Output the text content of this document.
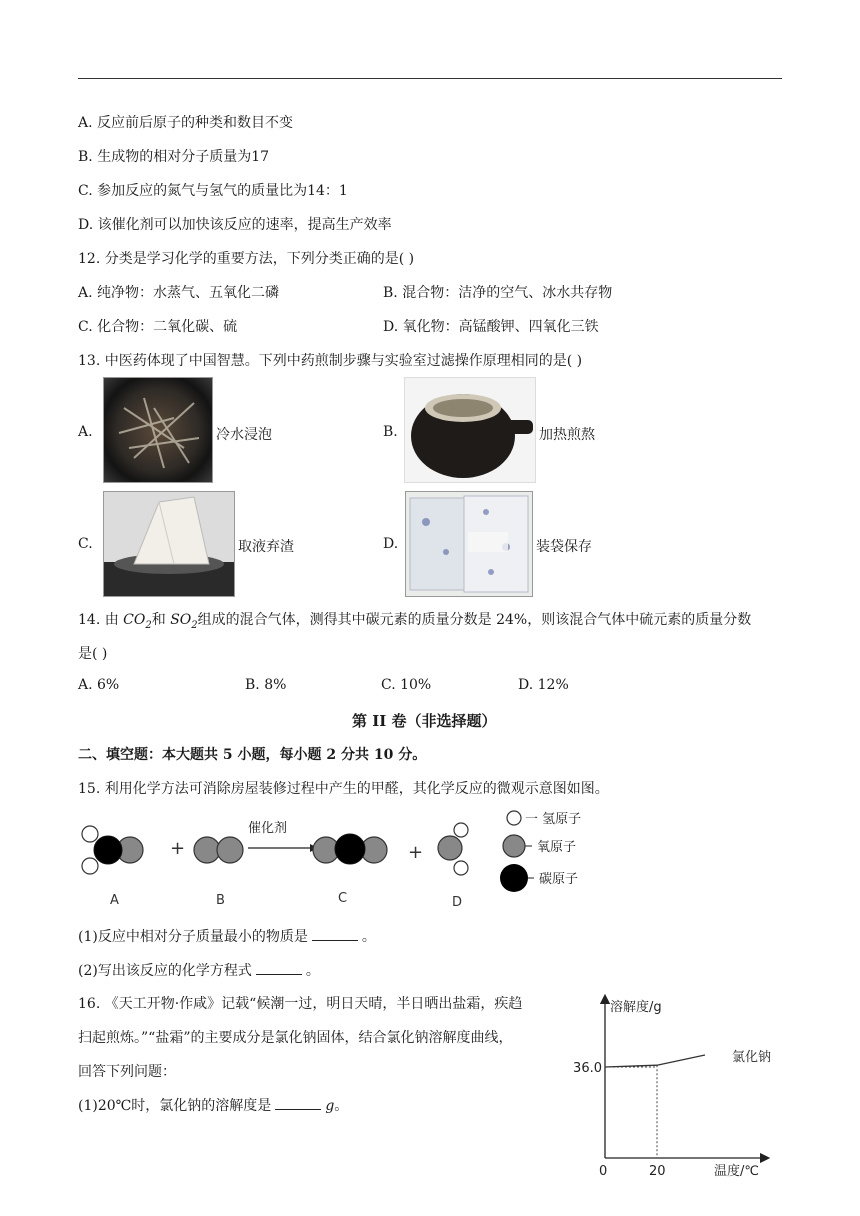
A. 反应前后原子的种类和数目不变
B. 生成物的相对分子质量为17
C. 参加反应的氮气与氢气的质量比为14：1
D. 该催化剂可以加快该反应的速率，提高生产效率
12. 分类是学习化学的重要方法，下列分类正确的是( )
A. 纯净物：水蒸气、五氧化二磷	B. 混合物：洁净的空气、冰水共存物
C. 化合物：二氧化碳、硫	D. 氧化物：高锰酸钾、四氧化三铁
13. 中医药体现了中国智慧。下列中药煎制步骤与实验室过滤操作原理相同的是( )
A.	冷水浸泡	B.	加热煎熬
C.	取液弃渣	D.	装袋保存
14. 由 $CO_2$和 $SO_2$组成的混合气体，测得其中碳元素的质量分数是 24%，则该混合气体中硫元素的质量分数
是( )
A. 6%	B. 8%	C. 10%	D. 12%
第 II 卷（非选择题）
二、填空题：本大题共 5 小题，每小题 2 分共 10 分。
15. 利用化学方法可消除房屋装修过程中产生的甲醛，其化学反应的微观示意图如图。
+
催化剂
+
A	B	C	D
一 氢原子
氧原子
碳原子
(1)反应中相对分子质量最小的物质是	。
(2)写出该反应的化学方程式	。
16. 《天工开物·作咸》记载“候潮一过，明日天晴，半日晒出盐霜，疾趋
扫起煎炼。”“盐霜”的主要成分是氯化钠固体，结合氯化钠溶解度曲线，
回答下列问题：
(1)20℃时，氯化钠的溶解度是	g。
溶解度/g
温度/℃
0	20
36.0
氯化钠
